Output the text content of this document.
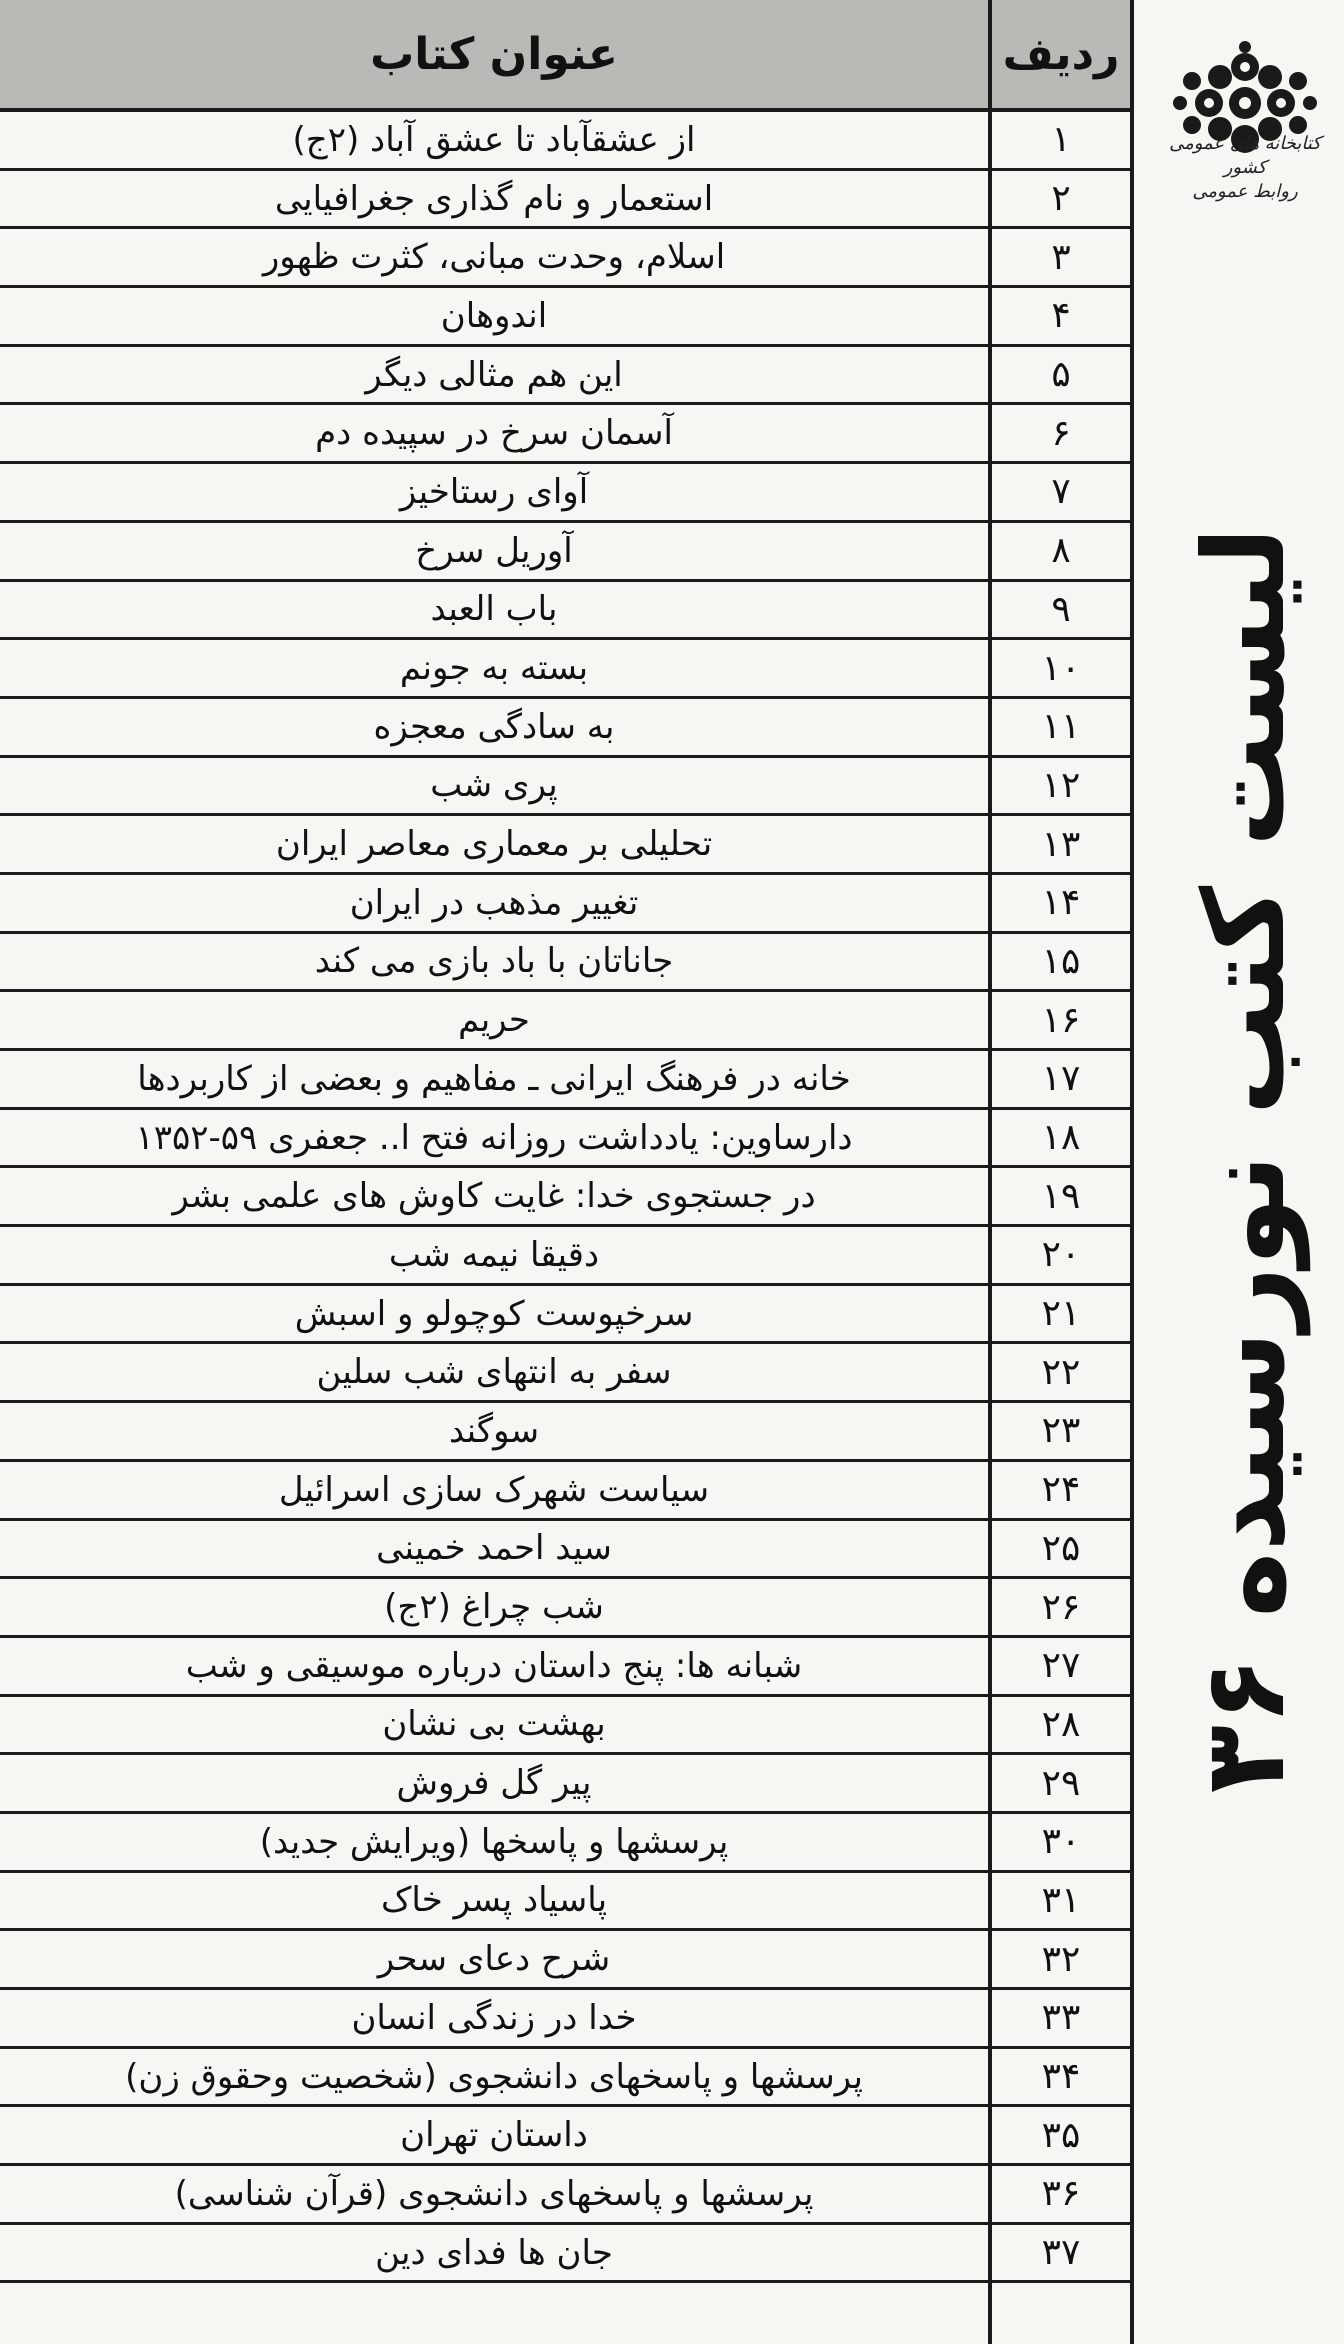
عنوان کتاب	ردیف
از عشقآباد تا عشق آباد (۲ج)	۱
استعمار و نام گذاری جغرافیایی	۲
اسلام، وحدت مبانی، کثرت ظهور	۳
اندوهان	۴
این هم مثالی دیگر	۵
آسمان سرخ در سپیده دم	۶
آوای رستاخیز	۷
آوریل سرخ	۸
باب العبد	۹
بسته به جونم	۱۰
به سادگی معجزه	۱۱
پری شب	۱۲
تحلیلی بر معماری معاصر ایران	۱۳
تغییر مذهب در ایران	۱۴
جاناتان با باد بازی می کند	۱۵
حریم	۱۶
خانه در فرهنگ ایرانی ـ مفاهیم و بعضی از کاربردها	۱۷
دارساوین: یادداشت روزانه فتح ا.. جعفری ۵۹-۱۳۵۲	۱۸
در جستجوی خدا: غایت کاوش های علمی بشر	۱۹
دقیقا نیمه شب	۲۰
سرخپوست کوچولو و اسبش	۲۱
سفر به انتهای شب سلین	۲۲
سوگند	۲۳
سیاست شهرک سازی اسرائیل	۲۴
سید احمد خمینی	۲۵
شب چراغ (۲ج)	۲۶
شبانه ها: پنج داستان درباره موسیقی و شب	۲۷
بهشت بی نشان	۲۸
پیر گل فروش	۲۹
پرسشها و پاسخها (ویرایش جدید)	۳۰
پاسیاد پسر خاک	۳۱
شرح دعای سحر	۳۲
خدا در زندگی انسان	۳۳
پرسشها و پاسخهای دانشجوی (شخصیت وحقوق زن)	۳۴
داستان تهران	۳۵
پرسشها و پاسخهای دانشجوی (قرآن شناسی)	۳۶
جان ها فدای دین	۳۷
کتابخانه های عمومی کشور
روابط عمومی
لیست کتب نورسیده ۳۶
